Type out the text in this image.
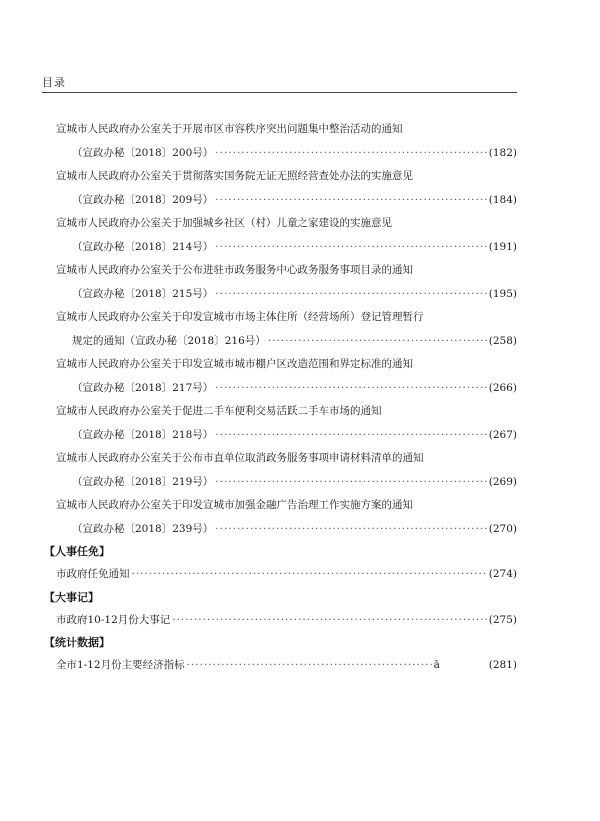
目录
宣城市人民政府办公室关于开展市区市容秩序突出问题集中整治活动的通知
（宣政办秘〔2018〕200号） ·····	(182)
宣城市人民政府办公室关于贯彻落实国务院无证无照经营查处办法的实施意见
（宣政办秘〔2018〕209号） ·····	(184)
宣城市人民政府办公室关于加强城乡社区（村）儿童之家建设的实施意见
（宣政办秘〔2018〕214号） ·····	(191)
宣城市人民政府办公室关于公布进驻市政务服务中心政务服务事项目录的通知
（宣政办秘〔2018〕215号） ·····	(195)
宣城市人民政府办公室关于印发宣城市市场主体住所（经营场所）登记管理暂行
规定的通知（宣政办秘〔2018〕216号） ·····	(258)
宣城市人民政府办公室关于印发宣城市城市棚户区改造范围和界定标准的通知
（宣政办秘〔2018〕217号） ·····	(266)
宣城市人民政府办公室关于促进二手车便利交易活跃二手车市场的通知
（宣政办秘〔2018〕218号） ·····	(267)
宣城市人民政府办公室关于公布市直单位取消政务服务事项申请材料清单的通知
（宣政办秘〔2018〕219号） ·····	(269)
宣城市人民政府办公室关于印发宣城市加强金融广告治理工作实施方案的通知
（宣政办秘〔2018〕239号） ·····	(270)
【人事任免】
市政府任免通知 ·····	(274)
【大事记】
市政府10-12月份大事记 ·····	(275)
【统计数据】
全市1-12月份主要经济指标 ·····	ā	(281)
